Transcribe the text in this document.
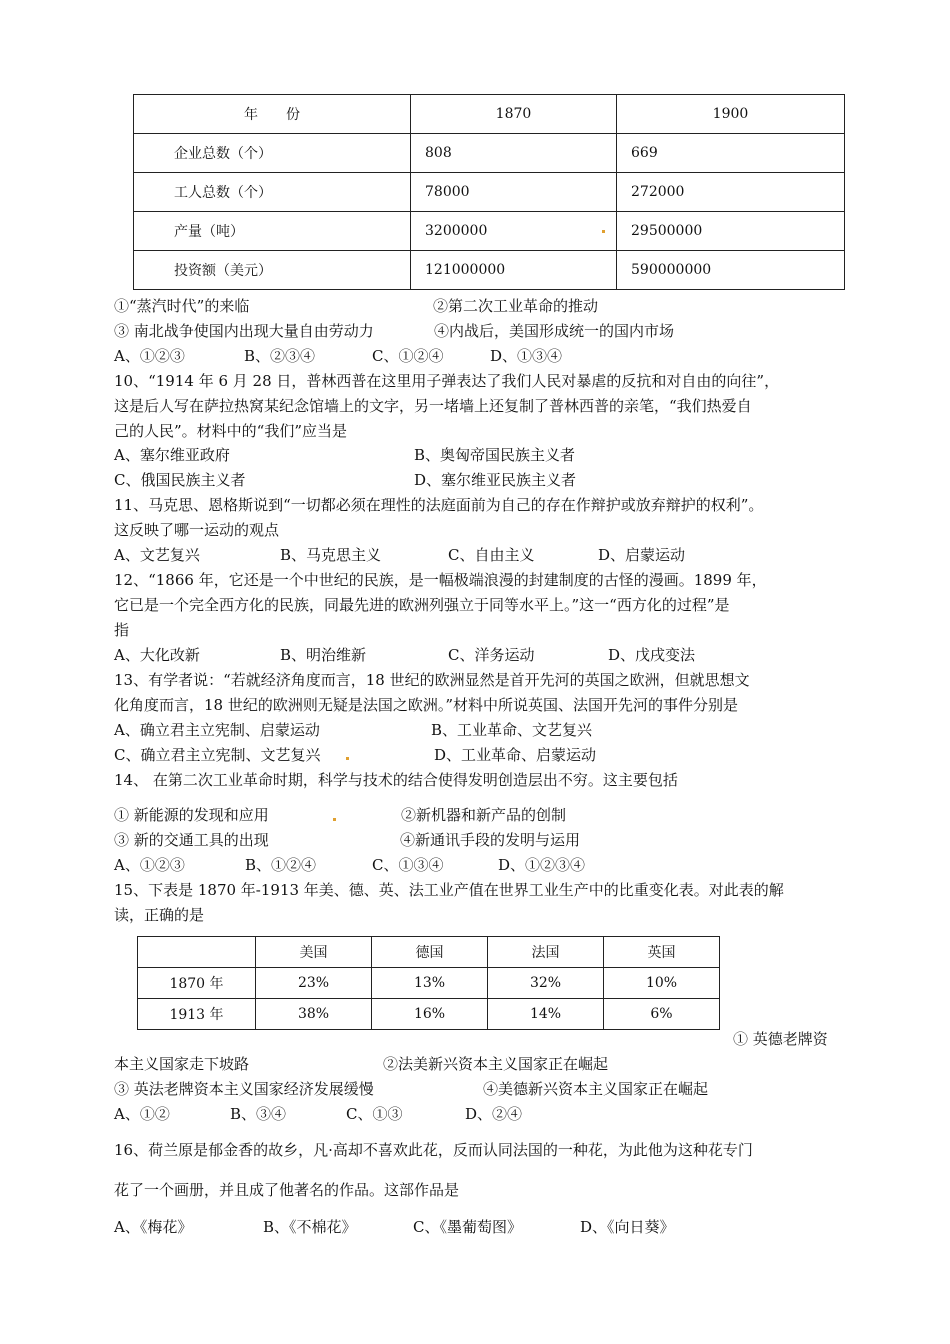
年　　份	1870	1900
企业总数（个）	808	669
工人总数（个）	78000	272000
产量（吨）	3200000	29500000
投资额（美元）	121000000	590000000
①“蒸汽时代”的来临	②第二次工业革命的推动
③ 南北战争使国内出现大量自由劳动力	④内战后，美国形成统一的国内市场
A、①②③	B、②③④	C、①②④	D、①③④
10、“1914 年 6 月 28 日，普林西普在这里用子弹表达了我们人民对暴虐的反抗和对自由的向往”，
这是后人写在萨拉热窝某纪念馆墙上的文字，另一堵墙上还复制了普林西普的亲笔，“我们热爱自
己的人民”。材料中的“我们”应当是
A、塞尔维亚政府	B、奥匈帝国民族主义者
C、俄国民族主义者	D、塞尔维亚民族主义者
11、马克思、恩格斯说到“一切都必须在理性的法庭面前为自己的存在作辩护或放弃辩护的权利”。
这反映了哪一运动的观点
A、文艺复兴	B、马克思主义	C、自由主义	D、启蒙运动
12、“1866 年，它还是一个中世纪的民族，是一幅极端浪漫的封建制度的古怪的漫画。1899 年，
它已是一个完全西方化的民族，同最先进的欧洲列强立于同等水平上。”这一“西方化的过程”是
指
A、大化改新	B、明治维新	C、洋务运动	D、戊戌变法
13、有学者说：“若就经济角度而言，18 世纪的欧洲显然是首开先河的英国之欧洲，但就思想文
化角度而言，18 世纪的欧洲则无疑是法国之欧洲。”材料中所说英国、法国开先河的事件分别是
A、确立君主立宪制、启蒙运动	B、工业革命、文艺复兴
C、确立君主立宪制、文艺复兴	D、工业革命、启蒙运动
14、 在第二次工业革命时期，科学与技术的结合使得发明创造层出不穷。这主要包括
① 新能源的发现和应用	②新机器和新产品的创制
③ 新的交通工具的出现	④新通讯手段的发明与运用
A、①②③	B、①②④	C、①③④	D、①②③④
15、下表是 1870 年-1913 年美、德、英、法工业产值在世界工业生产中的比重变化表。对此表的解
读，正确的是
	美国	德国	法国	英国
1870 年	23%	13%	32%	10%
1913 年	38%	16%	14%	6%
① 英德老牌资
本主义国家走下坡路	②法美新兴资本主义国家正在崛起
③ 英法老牌资本主义国家经济发展缓慢	④美德新兴资本主义国家正在崛起
A、①②	B、③④	C、①③	D、②④
16、荷兰原是郁金香的故乡，凡·高却不喜欢此花，反而认同法国的一种花，为此他为这种花专门
花了一个画册，并且成了他著名的作品。这部作品是
A、《梅花》	B、《不棉花》	C、《墨葡萄图》	D、《向日葵》
